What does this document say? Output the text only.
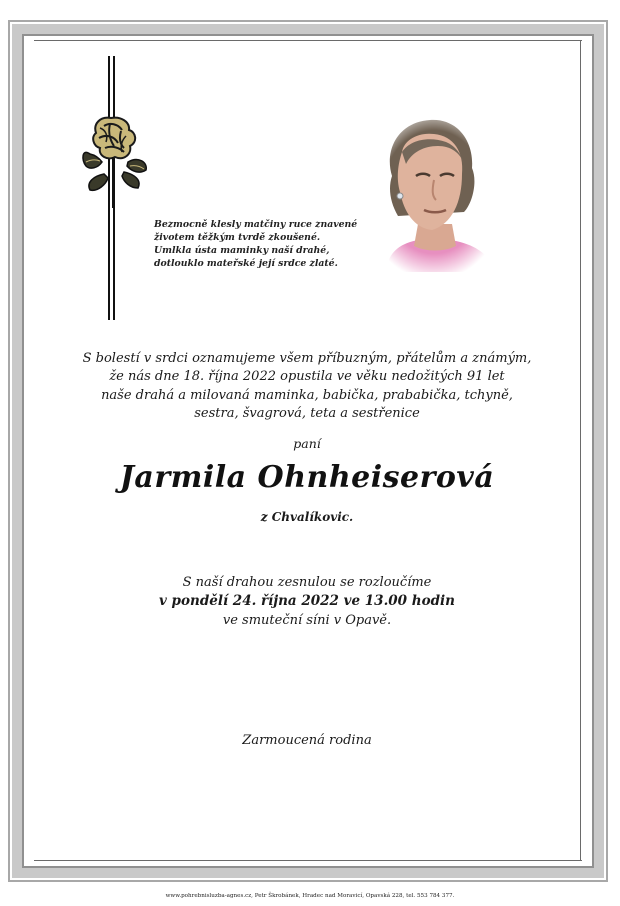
Bezmocně klesly matčiny ruce znavené
životem těžkým tvrdě zkoušené.
Umlkla ústa maminky naší drahé,
dotlouklo mateřské její srdce zlaté.
S bolestí v srdci oznamujeme všem příbuzným, přátelům a známým,
že nás dne 18. října 2022 opustila ve věku nedožitých 91 let
naše drahá a milovaná maminka, babička, prababička, tchyně,
sestra, švagrová, teta a sestřenice
paní
Jarmila Ohnheiserová
z Chvalíkovic.
S naší drahou zesnulou se rozloučíme
v pondělí 24. října 2022 ve 13.00 hodin
ve smuteční síni v Opavě.
Zarmoucená rodina
www.pohrebnisluzba-agnes.cz, Petr Škrobánek, Hradec nad Moravicí, Opavská 228, tel. 553 784 377.
